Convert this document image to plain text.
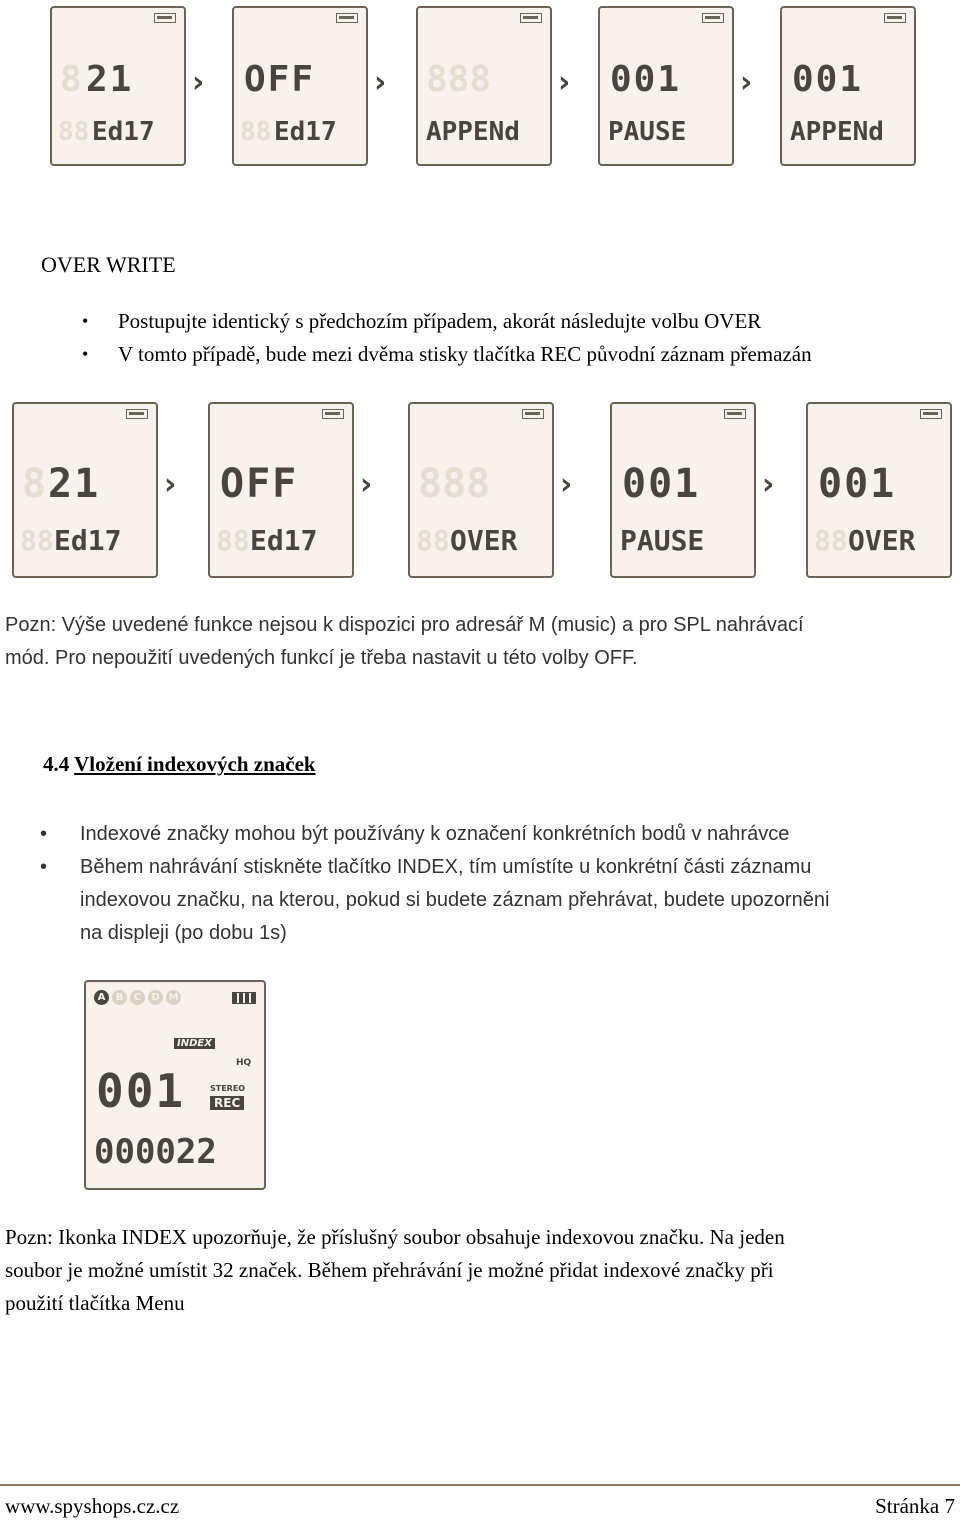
8 21
88 Ed17
› OFF
88 Ed17
› 888
APPENd
› 001
PAUSE
› 001
APPENd
OVER WRITE
• Postupujte identický s předchozím případem, akorát následujte volbu OVER
• V tomto případě, bude mezi dvěma stisky tlačítka REC původní záznam přemazán
8 21
88 Ed17
› OFF
88 Ed17
› 888
88 OVER
› 001
PAUSE
› 001
88 OVER
Pozn: Výše uvedené funkce nejsou k dispozici pro adresář M (music) a pro SPL nahrávací
mód. Pro nepoužití uvedených funkcí je třeba nastavit u této volby OFF.
4.4 Vložení indexových značek
• Indexové značky mohou být používány k označení konkrétních bodů v nahrávce
• Během nahrávání stiskněte tlačítko INDEX, tím umístíte u konkrétní části záznamu
indexovou značku, na kterou, pokud si budete záznam přehrávat, budete upozorněni
na displeji (po dobu 1s)
A	B	C	D M
INDEX
HQ
001	STEREO
REC
000022
Pozn: Ikonka INDEX upozorňuje, že příslušný soubor obsahuje indexovou značku. Na jeden
soubor je možné umístit 32 značek. Během přehrávání je možné přidat indexové značky při
použití tlačítka Menu
www.spyshops.cz.cz	Stránka 7
